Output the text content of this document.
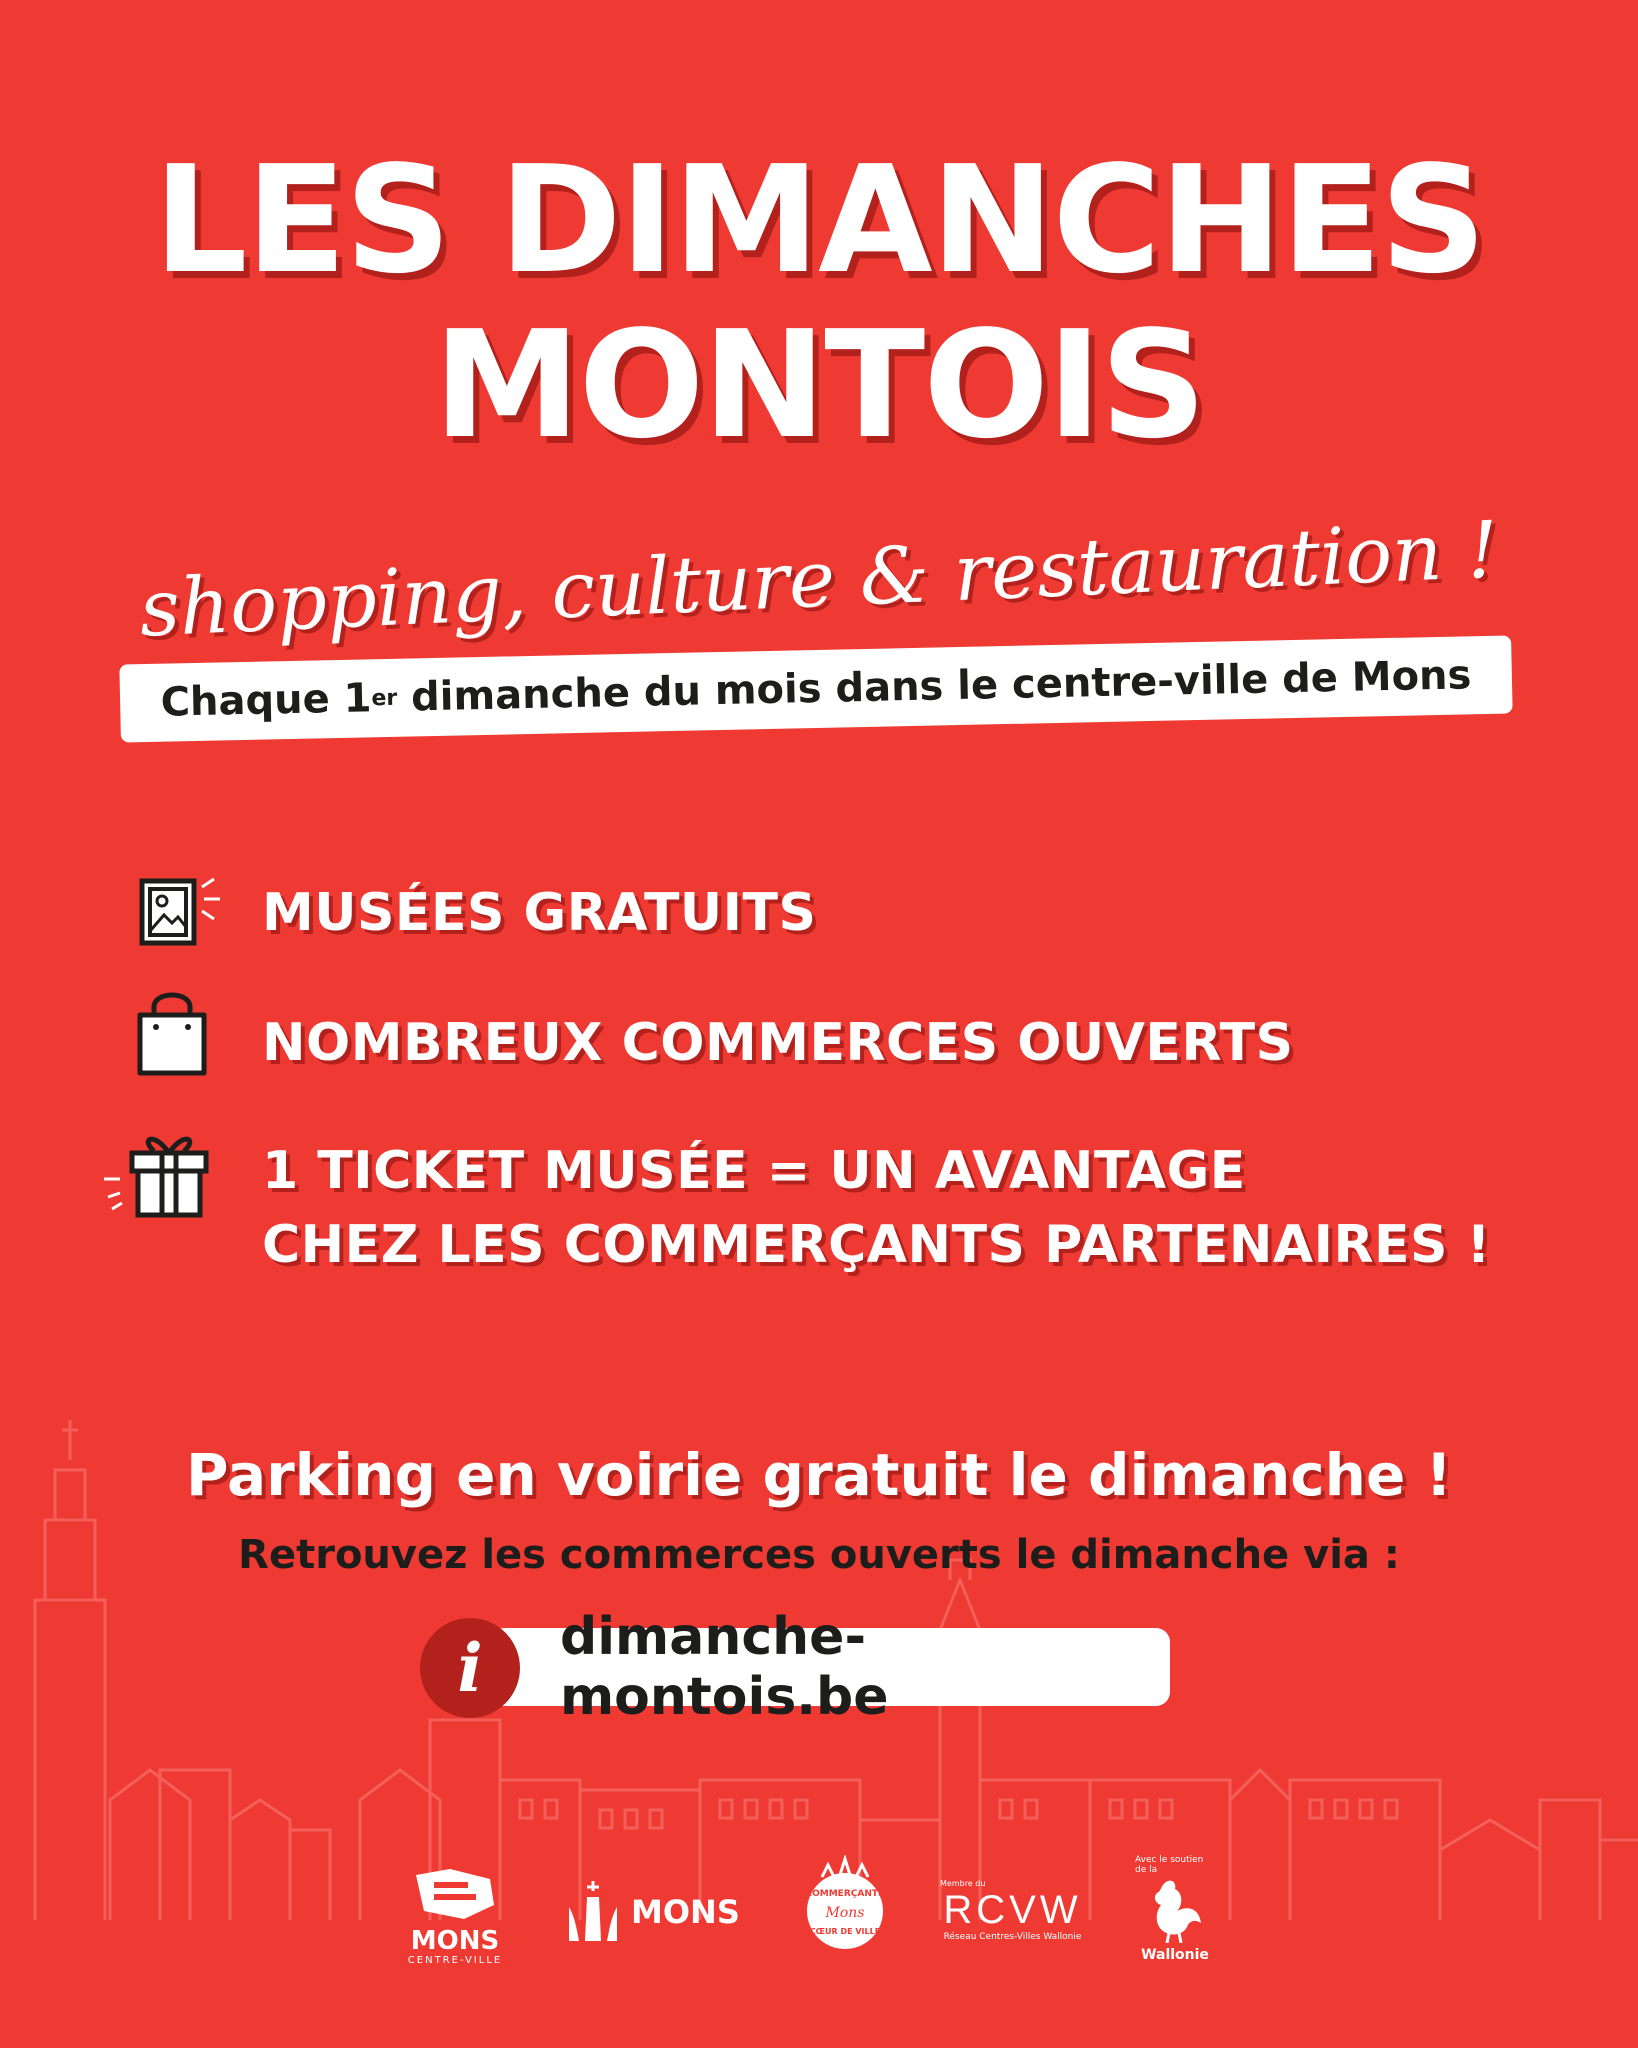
LES DIMANCHES
MONTOIS
shopping, culture & restauration !
Chaque 1 er dimanche du mois dans le centre-ville de Mons
MUSÉES GRATUITS
NOMBREUX COMMERCES OUVERTS
1 TICKET MUSÉE = UN AVANTAGE
CHEZ LES COMMERÇANTS PARTENAIRES !
Parking en voirie gratuit le dimanche !
Retrouvez les commerces ouverts le dimanche via :
dimanche-montois.be
i
MONS
CENTRE-VILLE
MONS	COMMERÇANTS
Mons
CŒUR DE VILLE
Membre du
RCVW
Réseau Centres-Villes Wallonie
Avec le soutien de la
Wallonie
